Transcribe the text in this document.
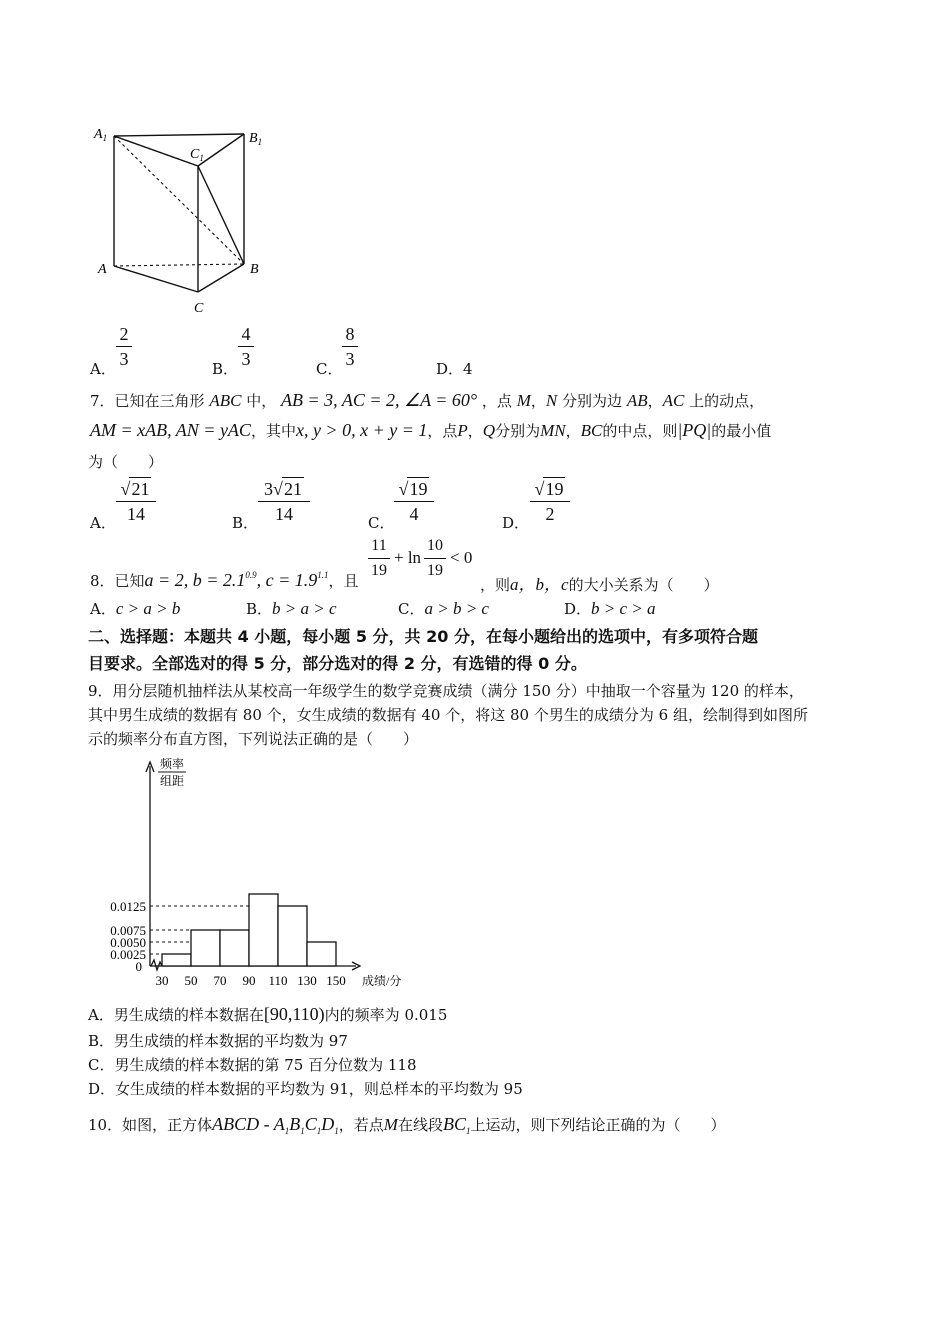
$A_1$	$B_1$
$C_1$
A	B
C
A．
2
3	B．
4
3	C．
8
3	D．4
7．已知在三角形 ABC 中， AB = 3, AC = 2, ∠A = 60° ，点 M，N 分别为边 AB，AC 上的动点，
AM = xAB, AN = yAC，其中x, y > 0, x + y = 1，点P，Q分别为MN，BC的中点，则|PQ|的最小值
为（　　）
A．
√21
14	B．
3√21
14	C．
√19
4	D．
√19
2
8．已知a = 2, $b = 2.1^{0.9}$, $c = 1.9^{1.1}$，且
11
19
+ ln
10
19
< 0
，则a，b，c的大小关系为（　　）
A．c > a > b	B．b > a > c	C．a > b > c	D．b > c > a
二、选择题：本题共 4 小题，每小题 5 分，共 20 分，在每小题给出的选项中，有多项符合题
目要求。全部选对的得 5 分，部分选对的得 2 分，有选错的得 0 分。
9．用分层随机抽样法从某校高一年级学生的数学竞赛成绩（满分 150 分）中抽取一个容量为 120 的样本，
其中男生成绩的数据有 80 个，女生成绩的数据有 40 个，将这 80 个男生的成绩分为 6 组，绘制得到如图所
示的频率分布直方图，下列说法正确的是（　　）
0.0025
0.0050
0.0075
0.0125
30 50 70 90 110 130 150
0
频率
组距
成绩/分
A．男生成绩的样本数据在[90,110)内的频率为 0.015
B．男生成绩的样本数据的平均数为 97
C．男生成绩的样本数据的第 75 百分位数为 118
D．女生成绩的样本数据的平均数为 91，则总样本的平均数为 95
10．如图，正方体ABCD - $A_1B_1C_1D_1$，若点M在线段$BC_1$上运动，则下列结论正确的为（　　）
